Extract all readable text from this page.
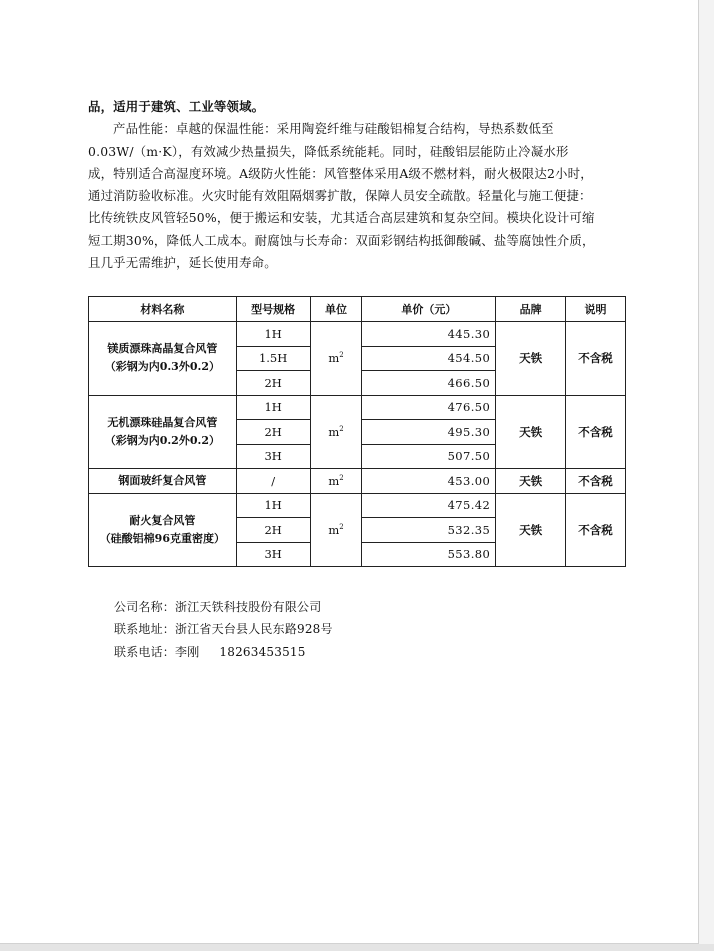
品，适用于建筑、工业等领域。

产品性能：卓越的保温性能：采用陶瓷纤维与硅酸铝棉复合结构，导热系数低至
0.03W/（m·K），有效减少热量损失，降低系统能耗。同时，硅酸铝层能防止冷凝水形
成，特别适合高湿度环境。A级防火性能：风管整体采用A级不燃材料，耐火极限达2小时，
通过消防验收标准。火灾时能有效阻隔烟雾扩散，保障人员安全疏散。轻量化与施工便捷：
比传统铁皮风管轻50%，便于搬运和安装，尤其适合高层建筑和复杂空间。模块化设计可缩
短工期30%，降低人工成本。耐腐蚀与长寿命：双面彩钢结构抵御酸碱、盐等腐蚀性介质，
且几乎无需维护，延长使用寿命。

材料名称	型号规格	单位	单价（元）	品牌	说明
镁质漂珠高晶复合风管
（彩钢为内0.3外0.2）	1H	$m^2$	445.30	天铁	不含税
	1.5H		454.50		
	2H		466.50		
无机漂珠硅晶复合风管
（彩钢为内0.2外0.2）	1H	$m^2$	476.50	天铁	不含税
	2H		495.30		
	3H		507.50		
钢面玻纤复合风管	/	$m^2$	453.00	天铁	不含税
耐火复合风管
（硅酸铝棉96克重密度）	1H	$m^2$	475.42	天铁	不含税
	2H		532.35		
	3H		553.80		
公司名称：浙江天铁科技股份有限公司
联系地址：浙江省天台县人民东路928号
联系电话：李刚 18263453515
